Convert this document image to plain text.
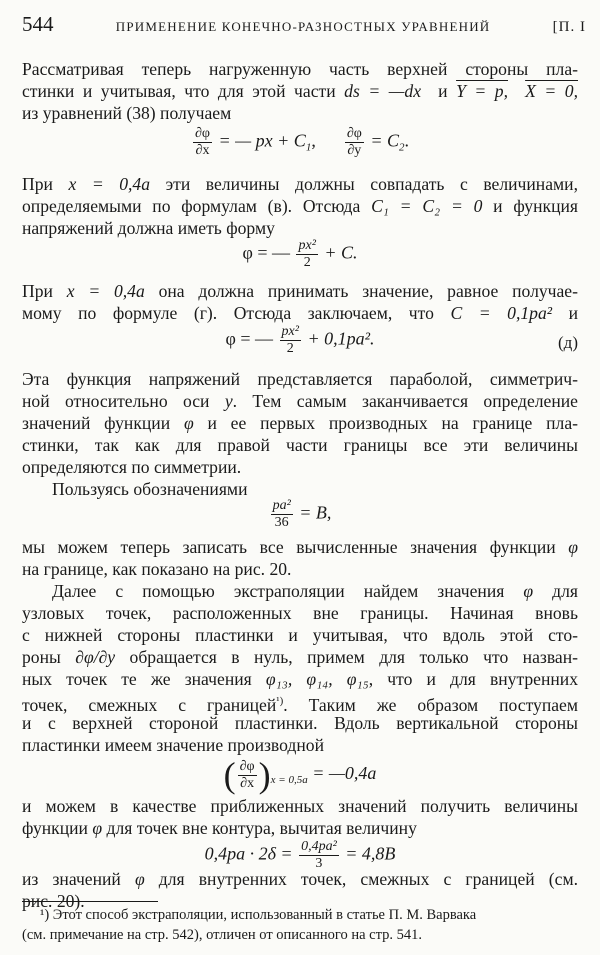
544	ПРИМЕНЕНИЕ КОНЕЧНО-РАЗНОСТНЫХ УРАВНЕНИЙ	[П. I
Рассматривая теперь нагруженную часть верхней стороны пла-
стинки и учитывая, что для этой части ds = —dx  и Y = p, X = 0,
из уравнений (38) получаем
$\frac{\partial\varphi}{\partial x}$ = — px + $C_1$, $\frac{\partial\varphi}{\partial y} = C_2$.
При x = 0,4a эти величины должны совпадать с величинами,
определяемыми по формулам (в). Отсюда C₁ = C₂ = 0 и функция
напряжений должна иметь форму
φ = — $\frac{\text{px²}}{2} + C$.
При x = 0,4a она должна принимать значение, равное получае-
мому по формуле (г). Отсюда заключаем, что C = 0,1pa² и
φ = — $\frac{\text{px²}}{2} + 0,1pa^2$.	(д)
Эта функция напряжений представляется параболой, симметрич-
ной относительно оси y. Тем самым заканчивается определение
значений функции φ и ее первых производных на границе пла-
стинки, так как для правой части границы все эти величины
определяются по симметрии.
Пользуясь обозначениями
$\frac{\text{pa²}}{36} = B$,
мы можем теперь записать все вычисленные значения функции φ
на границе, как показано на рис. 20.
Далее с помощью экстраполяции найдем значения φ для
узловых точек, расположенных вне границы. Начиная вновь
с нижней стороны пластинки и учитывая, что вдоль этой сто-
роны ∂φ/∂y обращается в нуль, примем для только что назван-
ных точек те же значения φ₁₃, φ₁₄, φ₁₅, что и для внутренних
точек, смежных с границей$^{^1)}$. Таким же образом поступаем
и с верхней стороной пластинки. Вдоль вертикальной стороны
пластинки имеем значение производной
( $\frac{\partial\varphi}{\partial x} )_{x = 0,5a}$ = —0,4a
и можем в качестве приближенных значений получить величины
функции φ для точек вне контура, вычитая величину
$0,4pa \cdot 2\delta = \frac{\text{0,4pa²}}{3} = 4,8B$
из значений φ для внутренних точек, смежных с границей (см.
рис. 20).
¹) Этот способ экстраполяции, использованный в статье П. М. Варвака
(см. примечание на стр. 542), отличен от описанного на стр. 541.
